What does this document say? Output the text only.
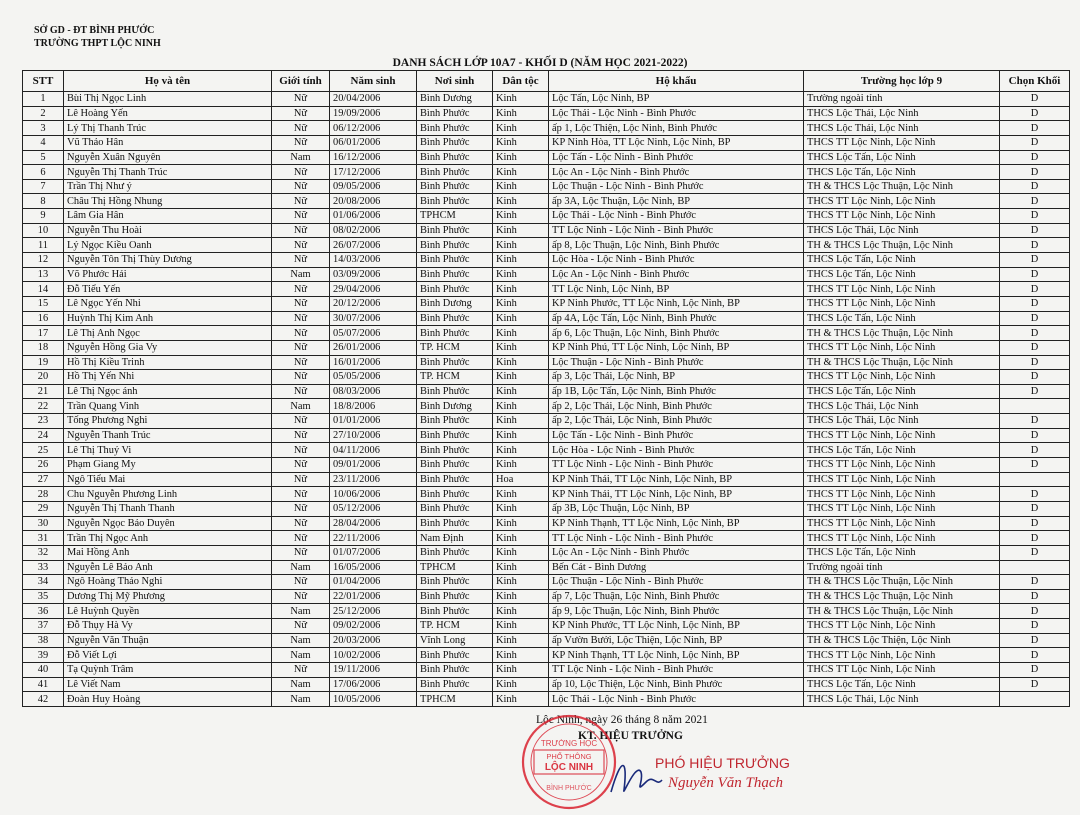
SỞ GD - ĐT BÌNH PHƯỚC
TRƯỜNG THPT LỘC NINH
DANH SÁCH LỚP 10A7 - KHỐI D (NĂM HỌC 2021-2022)
STT	Họ và tên	Giới tính	Năm sinh	Nơi sinh	Dân tộc	Hộ khẩu	Trường học lớp 9	Chọn Khối
1	Bùi Thị Ngọc Linh	Nữ	20/04/2006	Bình Dương	Kinh	Lộc Tấn, Lộc Ninh, BP	Trường ngoài tỉnh	D
2	Lê Hoàng Yến	Nữ	19/09/2006	Bình Phước	Kinh	Lộc Thái - Lộc Ninh - Bình Phước	THCS Lộc Thái, Lộc Ninh	D
3	Lý Thị Thanh Trúc	Nữ	06/12/2006	Bình Phước	Kinh	ấp 1, Lộc Thiện, Lộc Ninh, Bình Phước	THCS Lộc Thái, Lộc Ninh	D
4	Vũ Thảo Hân	Nữ	06/01/2006	Bình Phước	Kinh	KP Ninh Hòa, TT Lộc Ninh, Lộc Ninh, BP	THCS TT Lộc Ninh, Lộc Ninh	D
5	Nguyễn Xuân Nguyên	Nam	16/12/2006	Bình Phước	Kinh	Lộc Tấn - Lộc Ninh - Bình Phước	THCS Lộc Tấn, Lộc Ninh	D
6	Nguyễn Thị Thanh Trúc	Nữ	17/12/2006	Bình Phước	Kinh	Lộc An - Lộc Ninh - Bình Phước	THCS Lộc Tấn, Lộc Ninh	D
7	Trần Thị Như ý	Nữ	09/05/2006	Bình Phước	Kinh	Lộc Thuận - Lộc Ninh - Bình Phước	TH & THCS Lộc Thuận, Lộc Ninh	D
8	Châu Thị Hồng Nhung	Nữ	20/08/2006	Bình Phước	Kinh	ấp 3A, Lộc Thuận, Lộc Ninh, BP	THCS TT Lộc Ninh, Lộc Ninh	D
9	Lâm Gia Hân	Nữ	01/06/2006	TPHCM	Kinh	Lộc Thái - Lộc Ninh - Bình Phước	THCS TT Lộc Ninh, Lộc Ninh	D
10	Nguyễn Thu Hoài	Nữ	08/02/2006	Bình Phước	Kinh	TT Lộc Ninh - Lộc Ninh - Bình Phước	THCS Lộc Thái, Lộc Ninh	D
11	Lý Ngọc Kiều Oanh	Nữ	26/07/2006	Bình Phước	Kinh	ấp 8, Lộc Thuận, Lộc Ninh, Bình Phước	TH & THCS Lộc Thuận, Lộc Ninh	D
12	Nguyễn Tôn Thị Thùy Dương	Nữ	14/03/2006	Bình Phước	Kinh	Lộc Hòa - Lộc Ninh - Bình Phước	THCS Lộc Tấn, Lộc Ninh	D
13	Võ Phước Hải	Nam	03/09/2006	Bình Phước	Kinh	Lộc An - Lộc Ninh - Bình Phước	THCS Lộc Tấn, Lộc Ninh	D
14	Đỗ Tiểu Yến	Nữ	29/04/2006	Bình Phước	Kinh	TT Lộc Ninh, Lộc Ninh, BP	THCS TT Lộc Ninh, Lộc Ninh	D
15	Lê Ngọc Yến Nhi	Nữ	20/12/2006	Bình Dương	Kinh	KP Ninh Phước, TT Lộc Ninh, Lộc Ninh, BP	THCS TT Lộc Ninh, Lộc Ninh	D
16	Huỳnh Thị Kim Anh	Nữ	30/07/2006	Bình Phước	Kinh	ấp 4A, Lộc Tấn, Lộc Ninh, Bình Phước	THCS Lộc Tấn, Lộc Ninh	D
17	Lê Thị Anh Ngọc	Nữ	05/07/2006	Bình Phước	Kinh	ấp 6, Lộc Thuận, Lộc Ninh, Bình Phước	TH & THCS Lộc Thuận, Lộc Ninh	D
18	Nguyễn Hồng Gia Vy	Nữ	26/01/2006	TP. HCM	Kinh	KP Ninh Phú, TT Lộc Ninh, Lộc Ninh, BP	THCS TT Lộc Ninh, Lộc Ninh	D
19	Hồ Thị Kiều Trinh	Nữ	16/01/2006	Bình Phước	Kinh	Lộc Thuận - Lộc Ninh - Bình Phước	TH & THCS Lộc Thuận, Lộc Ninh	D
20	Hồ Thị Yến Nhi	Nữ	05/05/2006	TP. HCM	Kinh	ấp 3, Lộc Thái, Lộc Ninh, BP	THCS TT Lộc Ninh, Lộc Ninh	D
21	Lê Thị Ngọc ánh	Nữ	08/03/2006	Bình Phước	Kinh	ấp 1B, Lộc Tấn, Lộc Ninh, Bình Phước	THCS Lộc Tấn, Lộc Ninh	D
22	Trần Quang Vinh	Nam	18/8/2006	Bình Dương	Kinh	ấp 2, Lộc Thái, Lộc Ninh, Bình Phước	THCS Lộc Thái, Lộc Ninh	
23	Tống Phương Nghi	Nữ	01/01/2006	Bình Phước	Kinh	ấp 2, Lộc Thái, Lộc Ninh, Bình Phước	THCS Lộc Thái, Lộc Ninh	D
24	Nguyễn Thanh Trúc	Nữ	27/10/2006	Bình Phước	Kinh	Lộc Tấn - Lộc Ninh - Bình Phước	THCS TT Lộc Ninh, Lộc Ninh	D
25	Lê Thị Thuý Vi	Nữ	04/11/2006	Bình Phước	Kinh	Lộc Hòa - Lộc Ninh - Bình Phước	THCS Lộc Tấn, Lộc Ninh	D
26	Phạm Giang My	Nữ	09/01/2006	Bình Phước	Kinh	TT Lộc Ninh - Lộc Ninh - Bình Phước	THCS TT Lộc Ninh, Lộc Ninh	D
27	Ngô Tiểu Mai	Nữ	23/11/2006	Bình Phước	Hoa	KP Ninh Thái, TT Lộc Ninh, Lộc Ninh, BP	THCS TT Lộc Ninh, Lộc Ninh	
28	Chu Nguyễn Phương Linh	Nữ	10/06/2006	Bình Phước	Kinh	KP Ninh Thái, TT Lộc Ninh, Lộc Ninh, BP	THCS TT Lộc Ninh, Lộc Ninh	D
29	Nguyễn Thị Thanh Thanh	Nữ	05/12/2006	Bình Phước	Kinh	ấp 3B, Lộc Thuận, Lộc Ninh, BP	THCS TT Lộc Ninh, Lộc Ninh	D
30	Nguyễn Ngọc Bảo Duyên	Nữ	28/04/2006	Bình Phước	Kinh	KP Ninh Thạnh, TT Lộc Ninh, Lộc Ninh, BP	THCS TT Lộc Ninh, Lộc Ninh	D
31	Trần Thị Ngọc Anh	Nữ	22/11/2006	Nam Định	Kinh	TT Lộc Ninh - Lộc Ninh - Bình Phước	THCS TT Lộc Ninh, Lộc Ninh	D
32	Mai Hồng Anh	Nữ	01/07/2006	Bình Phước	Kinh	Lộc An - Lộc Ninh - Bình Phước	THCS Lộc Tấn, Lộc Ninh	D
33	Nguyễn Lê Bảo Anh	Nam	16/05/2006	TPHCM	Kinh	Bến Cát - Bình Dương	Trường ngoài tỉnh	
34	Ngô Hoàng Thảo Nghi	Nữ	01/04/2006	Bình Phước	Kinh	Lộc Thuận - Lộc Ninh - Bình Phước	TH & THCS Lộc Thuận, Lộc Ninh	D
35	Dương Thị Mỹ Phương	Nữ	22/01/2006	Bình Phước	Kinh	ấp 7, Lộc Thuận, Lộc Ninh, Bình Phước	TH & THCS Lộc Thuận, Lộc Ninh	D
36	Lê Huỳnh Quyền	Nam	25/12/2006	Bình Phước	Kinh	ấp 9, Lộc Thuận, Lộc Ninh, Bình Phước	TH & THCS Lộc Thuận, Lộc Ninh	D
37	Đỗ Thụy Hà Vy	Nữ	09/02/2006	TP. HCM	Kinh	KP Ninh Phước, TT Lộc Ninh, Lộc Ninh, BP	THCS TT Lộc Ninh, Lộc Ninh	D
38	Nguyễn Văn Thuận	Nam	20/03/2006	Vĩnh Long	Kinh	ấp Vườn Bưởi, Lộc Thiện, Lộc Ninh, BP	TH & THCS Lộc Thiện, Lộc Ninh	D
39	Đỗ Viết Lợi	Nam	10/02/2006	Bình Phước	Kinh	KP Ninh Thạnh, TT Lộc Ninh, Lộc Ninh, BP	THCS TT Lộc Ninh, Lộc Ninh	D
40	Tạ Quỳnh Trâm	Nữ	19/11/2006	Bình Phước	Kinh	TT Lộc Ninh - Lộc Ninh - Bình Phước	THCS TT Lộc Ninh, Lộc Ninh	D
41	Lê Viết Nam	Nam	17/06/2006	Bình Phước	Kinh	ấp 10, Lộc Thiện, Lộc Ninh, Bình Phước	THCS Lộc Tấn, Lộc Ninh	D
42	Đoàn Huy Hoàng	Nam	10/05/2006	TPHCM	Kinh	Lộc Thái - Lộc Ninh - Bình Phước	THCS Lộc Thái, Lộc Ninh	
Lộc Ninh, ngày 26 tháng 8 năm 2021
KT. HIỆU TRƯỞNG
TRƯỜNG HỌC
PHỔ THÔNG
LỘC NINH
BÌNH PHƯỚC
PHÓ HIỆU TRƯỞNG
Nguyễn Văn Thạch
